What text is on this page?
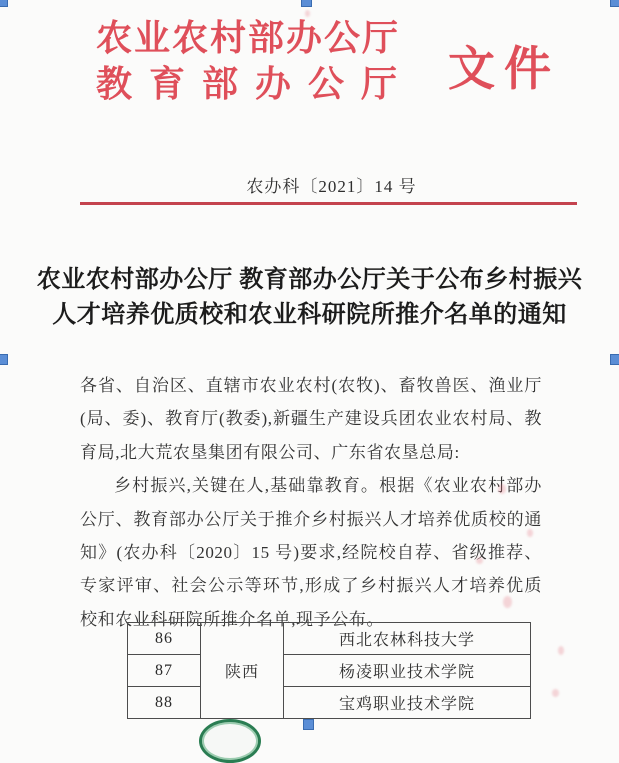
农业农村部办公厅
教育部办公厅 文件
农办科〔2021〕14 号
农业农村部办公厅 教育部办公厅关于公布乡村振兴
人才培养优质校和农业科研院所推介名单的通知

各省、自治区、直辖市农业农村(农牧)、畜牧兽医、渔业厅(局、委)、教育厅(教委),新疆生产建设兵团农业农村局、教育局,北大荒农垦集团有限公司、广东省农垦总局:

乡村振兴,关键在人,基础靠教育。根据《农业农村部办公厅、教育部办公厅关于推介乡村振兴人才培养优质校的通知》(农办科〔2020〕15 号)要求,经院校自荐、省级推荐、专家评审、社会公示等环节,形成了乡村振兴人才培养优质校和农业科研院所推介名单,现予公布。

86	陕西	西北农林科技大学
87		杨凌职业技术学院
88		宝鸡职业技术学院
